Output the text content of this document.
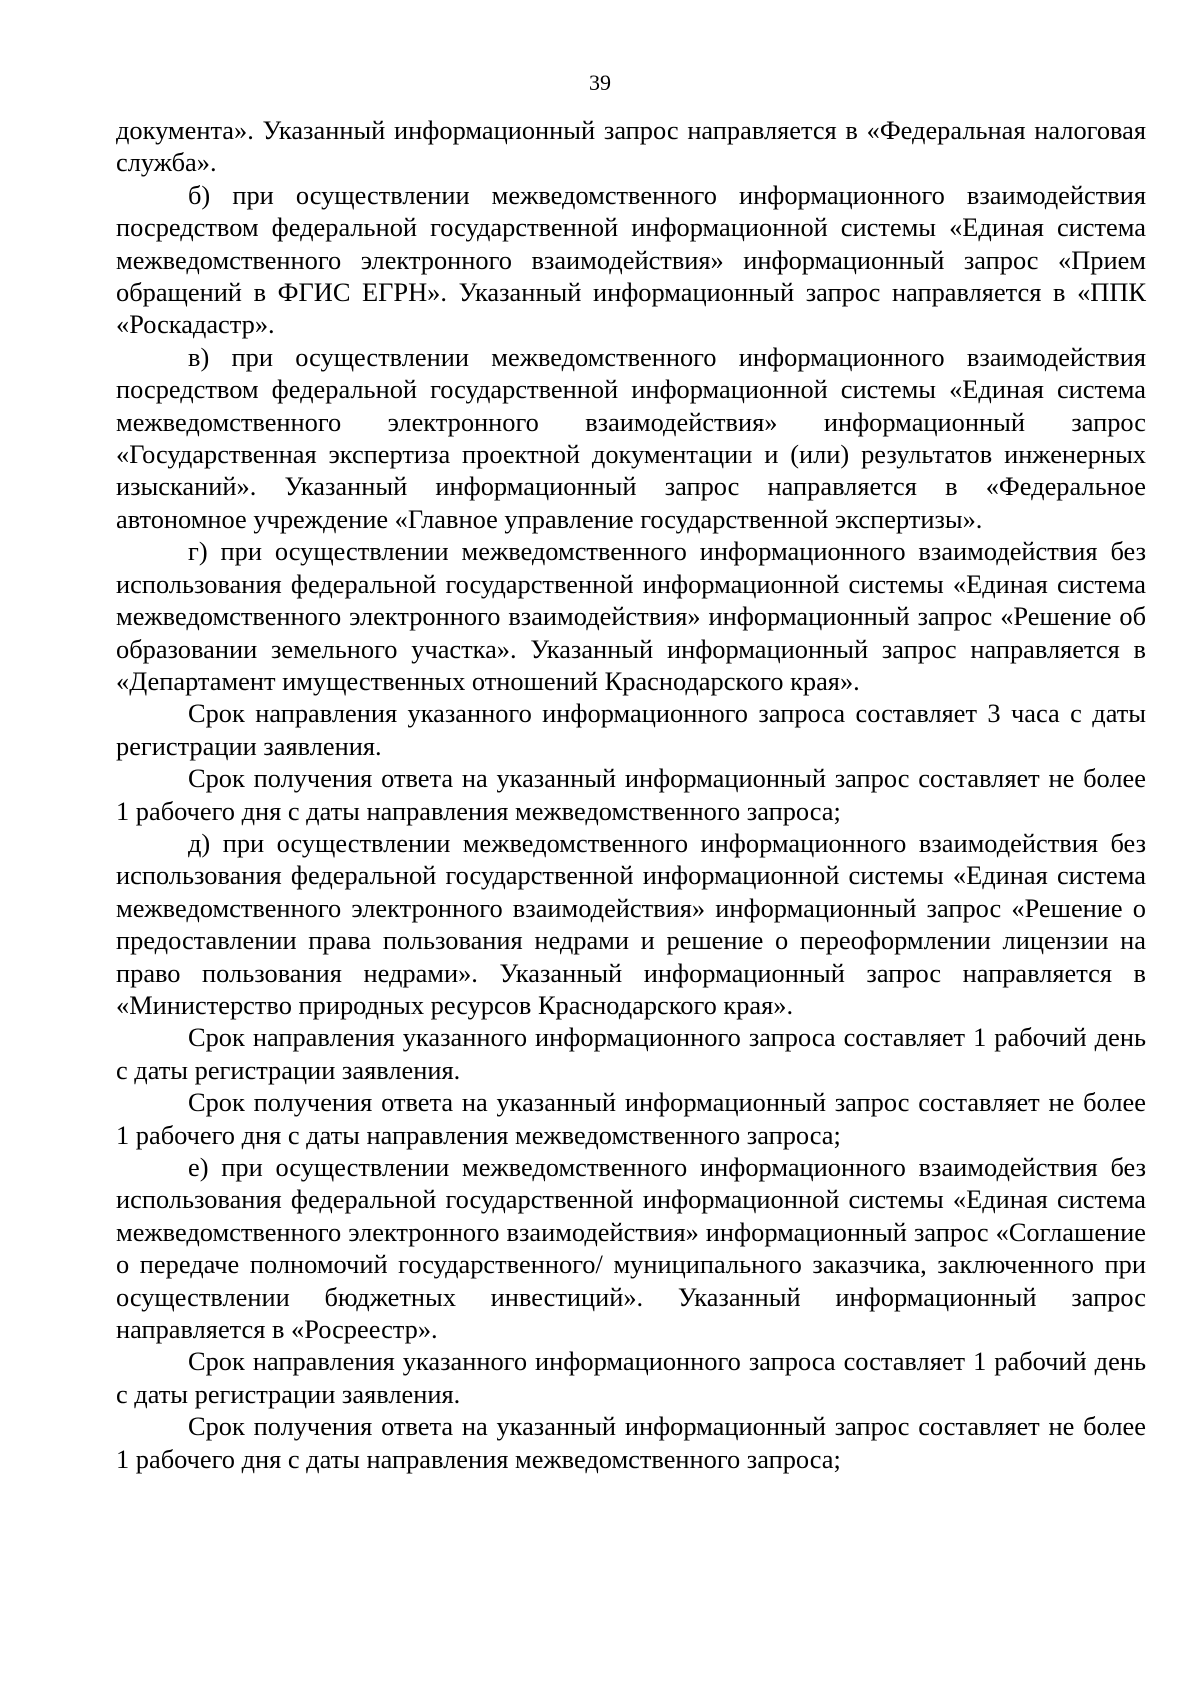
39

документа». Указанный информационный запрос направляется в «Федеральная налоговая служба».

б) при осуществлении межведомственного информационного взаимодействия посредством федеральной государственной информационной системы «Единая система межведомственного электронного взаимодействия» информационный запрос «Прием обращений в ФГИС ЕГРН». Указанный информационный запрос направляется в «ППК «Роскадастр».

в) при осуществлении межведомственного информационного взаимодействия посредством федеральной государственной информационной системы «Единая система межведомственного электронного взаимодействия» информационный запрос «Государственная экспертиза проектной документации и (или) результатов инженерных изысканий». Указанный информационный запрос направляется в «Федеральное автономное учреждение «Главное управление государственной экспертизы».

г) при осуществлении межведомственного информационного взаимодействия без использования федеральной государственной информационной системы «Единая система межведомственного электронного взаимодействия» информационный запрос «Решение об образовании земельного участка». Указанный информационный запрос направляется в «Департамент имущественных отношений Краснодарского края».

Срок направления указанного информационного запроса составляет 3 часа с даты регистрации заявления.

Срок получения ответа на указанный информационный запрос составляет не более 1 рабочего дня с даты направления межведомственного запроса;

д) при осуществлении межведомственного информационного взаимодействия без использования федеральной государственной информационной системы «Единая система межведомственного электронного взаимодействия» информационный запрос «Решение о предоставлении права пользования недрами и решение о переоформлении лицензии на право пользования недрами». Указанный информационный запрос направляется в «Министерство природных ресурсов Краснодарского края».

Срок направления указанного информационного запроса составляет 1 рабочий день с даты регистрации заявления.

Срок получения ответа на указанный информационный запрос составляет не более 1 рабочего дня с даты направления межведомственного запроса;

е) при осуществлении межведомственного информационного взаимодействия без использования федеральной государственной информационной системы «Единая система межведомственного электронного взаимодействия» информационный запрос «Соглашение о передаче полномочий государственного/ муниципального заказчика, заключенного при осуществлении бюджетных инвестиций». Указанный информационный запрос направляется в «Росреестр».

Срок направления указанного информационного запроса составляет 1 рабочий день с даты регистрации заявления.

Срок получения ответа на указанный информационный запрос составляет не более 1 рабочего дня с даты направления межведомственного запроса;
